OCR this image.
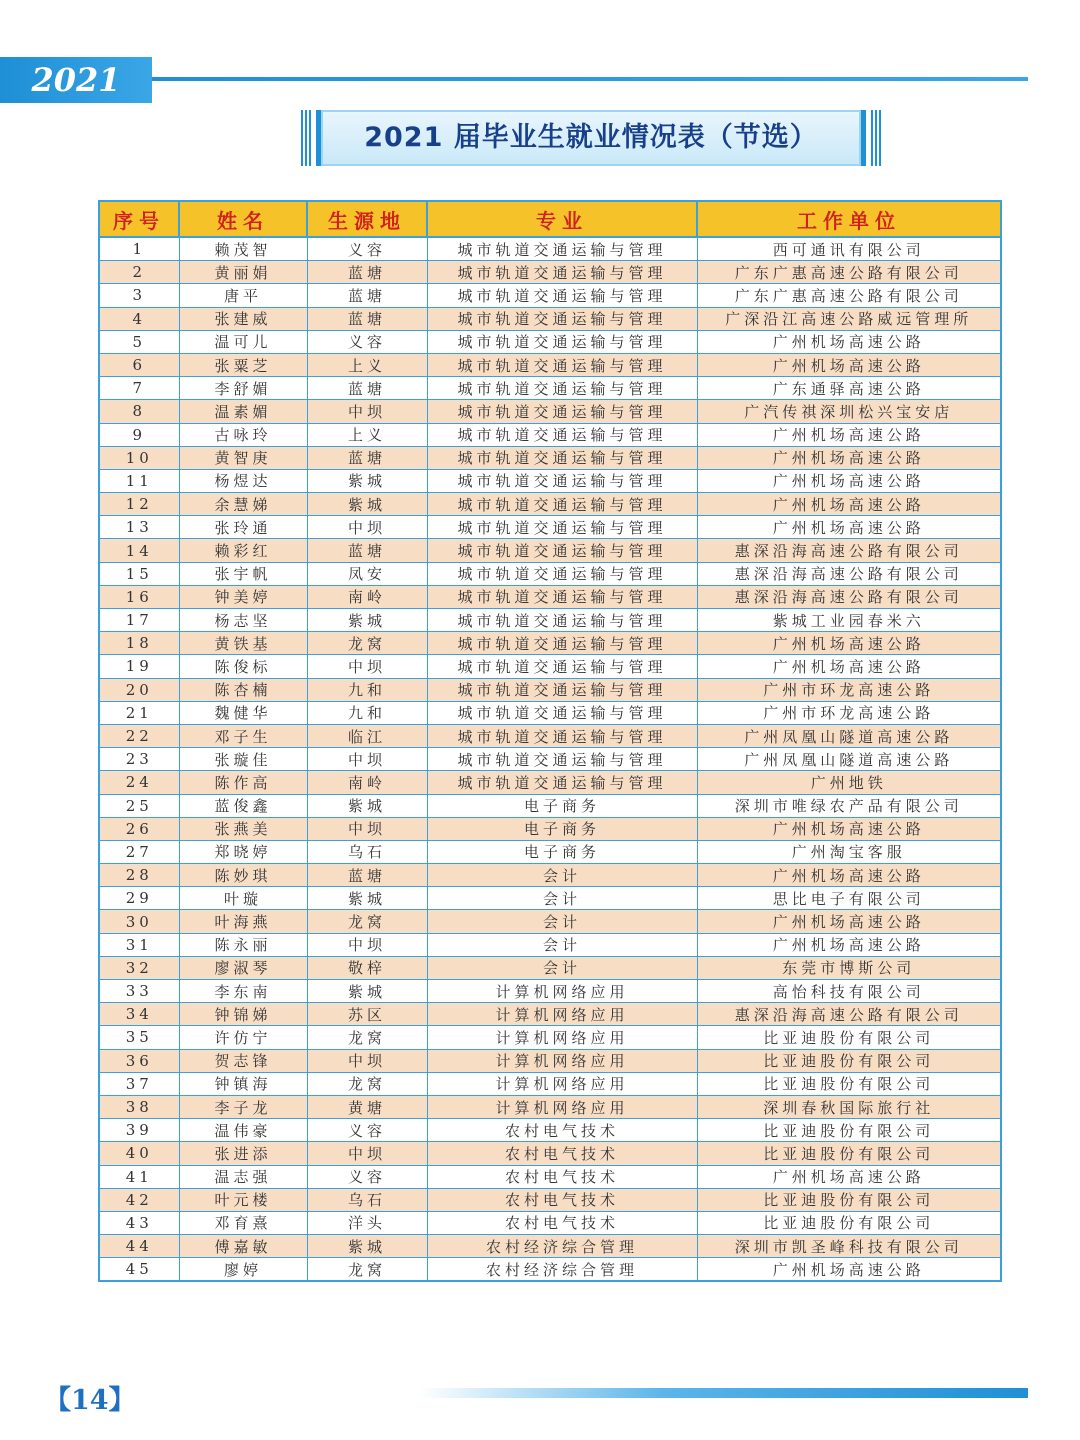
2021
2021 届毕业生就业情况表（节选）
序号	姓名	生源地	专业	工作单位
1	赖茂智	义容	城市轨道交通运输与管理	西可通讯有限公司
2	黄丽娟	蓝塘	城市轨道交通运输与管理	广东广惠高速公路有限公司
3	唐平	蓝塘	城市轨道交通运输与管理	广东广惠高速公路有限公司
4	张建威	蓝塘	城市轨道交通运输与管理	广深沿江高速公路威远管理所
5	温可儿	义容	城市轨道交通运输与管理	广州机场高速公路
6	张粟芝	上义	城市轨道交通运输与管理	广州机场高速公路
7	李舒媚	蓝塘	城市轨道交通运输与管理	广东通驿高速公路
8	温素媚	中坝	城市轨道交通运输与管理	广汽传祺深圳松兴宝安店
9	古咏玲	上义	城市轨道交通运输与管理	广州机场高速公路
10	黄智庚	蓝塘	城市轨道交通运输与管理	广州机场高速公路
11	杨煜达	紫城	城市轨道交通运输与管理	广州机场高速公路
12	余慧娣	紫城	城市轨道交通运输与管理	广州机场高速公路
13	张玲通	中坝	城市轨道交通运输与管理	广州机场高速公路
14	赖彩红	蓝塘	城市轨道交通运输与管理	惠深沿海高速公路有限公司
15	张宇帆	凤安	城市轨道交通运输与管理	惠深沿海高速公路有限公司
16	钟美婷	南岭	城市轨道交通运输与管理	惠深沿海高速公路有限公司
17	杨志坚	紫城	城市轨道交通运输与管理	紫城工业园春米六
18	黄铁基	龙窝	城市轨道交通运输与管理	广州机场高速公路
19	陈俊标	中坝	城市轨道交通运输与管理	广州机场高速公路
20	陈杏楠	九和	城市轨道交通运输与管理	广州市环龙高速公路
21	魏健华	九和	城市轨道交通运输与管理	广州市环龙高速公路
22	邓子生	临江	城市轨道交通运输与管理	广州凤凰山隧道高速公路
23	张璇佳	中坝	城市轨道交通运输与管理	广州凤凰山隧道高速公路
24	陈作高	南岭	城市轨道交通运输与管理	广州地铁
25	蓝俊鑫	紫城	电子商务	深圳市唯绿农产品有限公司
26	张燕美	中坝	电子商务	广州机场高速公路
27	郑晓婷	乌石	电子商务	广州淘宝客服
28	陈妙琪	蓝塘	会计	广州机场高速公路
29	叶璇	紫城	会计	思比电子有限公司
30	叶海燕	龙窝	会计	广州机场高速公路
31	陈永丽	中坝	会计	广州机场高速公路
32	廖淑琴	敬梓	会计	东莞市博斯公司
33	李东南	紫城	计算机网络应用	高怡科技有限公司
34	钟锦娣	苏区	计算机网络应用	惠深沿海高速公路有限公司
35	许仿宁	龙窝	计算机网络应用	比亚迪股份有限公司
36	贺志锋	中坝	计算机网络应用	比亚迪股份有限公司
37	钟镇海	龙窝	计算机网络应用	比亚迪股份有限公司
38	李子龙	黄塘	计算机网络应用	深圳春秋国际旅行社
39	温伟豪	义容	农村电气技术	比亚迪股份有限公司
40	张进添	中坝	农村电气技术	比亚迪股份有限公司
41	温志强	义容	农村电气技术	广州机场高速公路
42	叶元楼	乌石	农村电气技术	比亚迪股份有限公司
43	邓育熹	洋头	农村电气技术	比亚迪股份有限公司
44	傅嘉敏	紫城	农村经济综合管理	深圳市凯圣峰科技有限公司
45	廖婷	龙窝	农村经济综合管理	广州机场高速公路
【14】
